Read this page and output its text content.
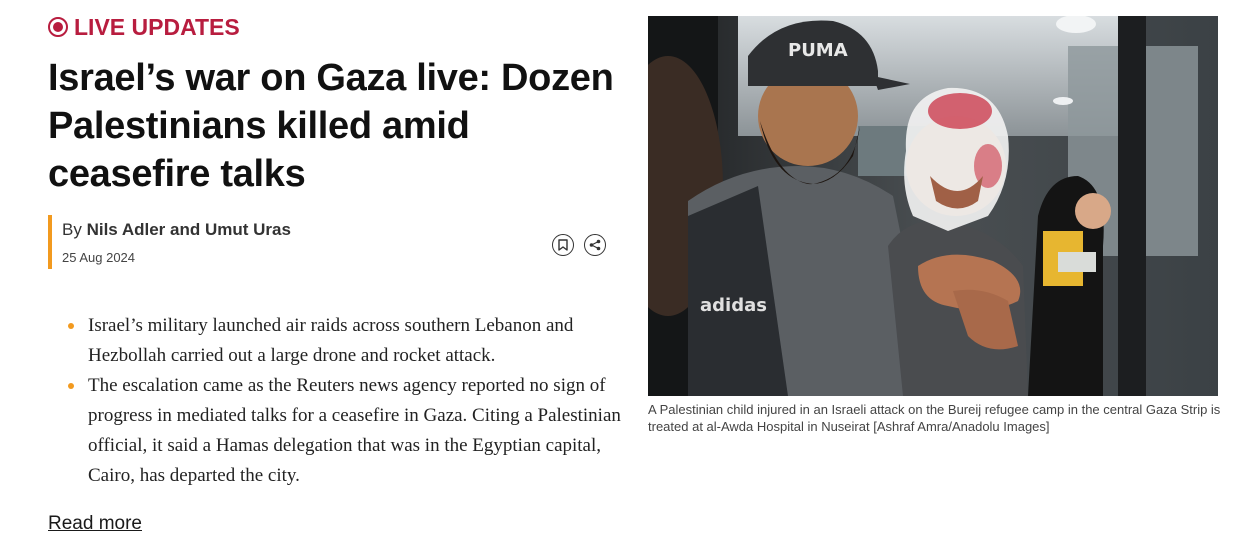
LIVE UPDATES
Israel’s war on Gaza live: Dozen Palestinians killed amid ceasefire talks
By Nils Adler and Umut Uras
25 Aug 2024
Israel’s military launched air raids across southern Lebanon and Hezbollah carried out a large drone and rocket attack.
The escalation came as the Reuters news agency reported no sign of progress in mediated talks for a ceasefire in Gaza. Citing a Palestinian official, it said a Hamas delegation that was in the Egyptian capital, Cairo, has departed the city.
Read more
PUMA
adidas
A Palestinian child injured in an Israeli attack on the Bureij refugee camp in the central Gaza Strip is treated at al-Awda Hospital in Nuseirat [Ashraf Amra/Anadolu Images]
